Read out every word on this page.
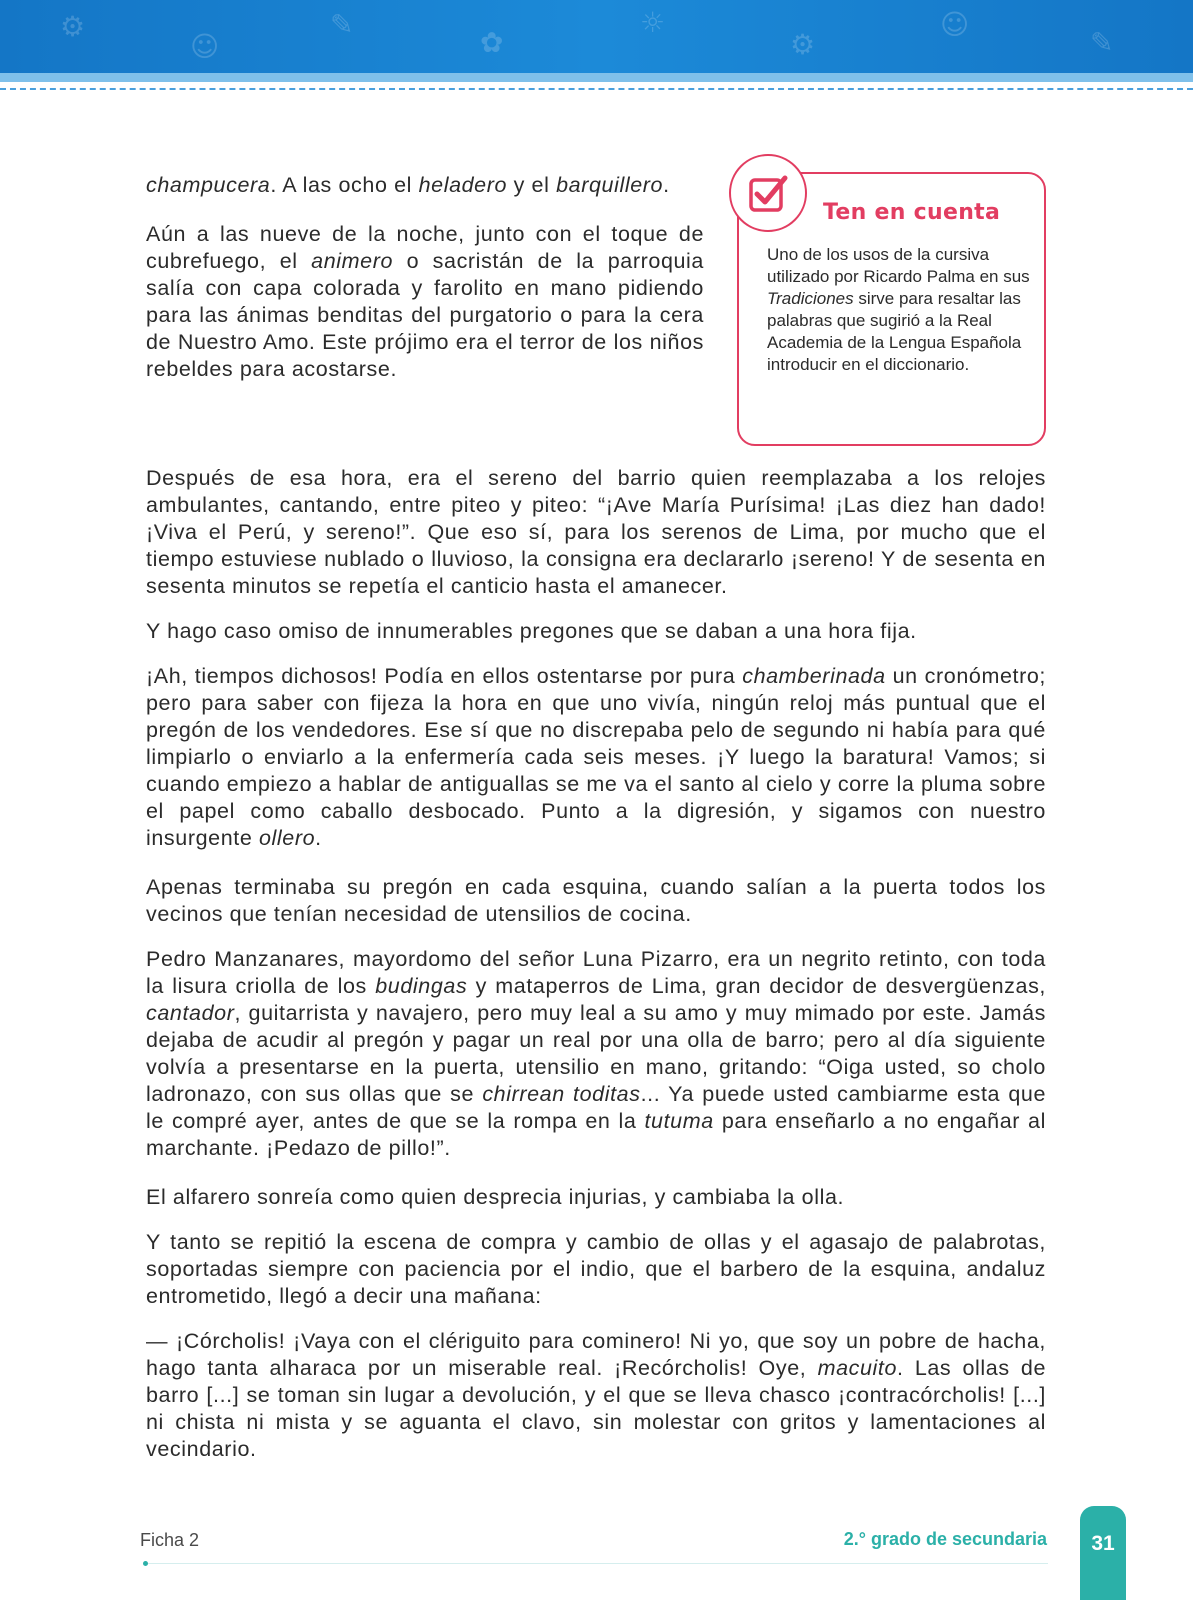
⚙
☺
✎
✿
☼
⚙
☺
✎

champucera. A las ocho el heladero y el barquillero.

Aún a las nueve de la noche, junto con el toque de cubrefuego, el animero o sacristán de la parroquia salía con capa colorada y farolito en mano pidiendo para las ánimas benditas del purgatorio o para la cera de Nuestro Amo. Este prójimo era el terror de los niños rebeldes para acostarse.

Ten en cuenta
Uno de los usos de la cursiva utilizado por Ricardo Palma en sus Tradiciones sirve para resaltar las palabras que sugirió a la Real Academia de la Lengua Española introducir en el diccionario.

Después de esa hora, era el sereno del barrio quien reemplazaba a los relojes ambulantes, cantando, entre piteo y piteo: “¡Ave María Purísima! ¡Las diez han dado! ¡Viva el Perú, y sereno!”. Que eso sí, para los serenos de Lima, por mucho que el tiempo estuviese nublado o lluvioso, la consigna era declararlo ¡sereno! Y de sesenta en sesenta minutos se repetía el canticio hasta el amanecer.

Y hago caso omiso de innumerables pregones que se daban a una hora fija.

¡Ah, tiempos dichosos! Podía en ellos ostentarse por pura chamberinada un cronómetro; pero para saber con fijeza la hora en que uno vivía, ningún reloj más puntual que el pregón de los vendedores. Ese sí que no discrepaba pelo de segundo ni había para qué limpiarlo o enviarlo a la enfermería cada seis meses. ¡Y luego la baratura! Vamos; si cuando empiezo a hablar de antiguallas se me va el santo al cielo y corre la pluma sobre el papel como caballo desbocado. Punto a la digresión, y sigamos con nuestro insurgente ollero.

Apenas terminaba su pregón en cada esquina, cuando salían a la puerta todos los vecinos que tenían necesidad de utensilios de cocina.

Pedro Manzanares, mayordomo del señor Luna Pizarro, era un negrito retinto, con toda la lisura criolla de los budingas y mataperros de Lima, gran decidor de desvergüenzas, cantador, guitarrista y navajero, pero muy leal a su amo y muy mimado por este. Jamás dejaba de acudir al pregón y pagar un real por una olla de barro; pero al día siguiente volvía a presentarse en la puerta, utensilio en mano, gritando: “Oiga usted, so cholo ladronazo, con sus ollas que se chirrean toditas... Ya puede usted cambiarme esta que le compré ayer, antes de que se la rompa en la tutuma para enseñarlo a no engañar al marchante. ¡Pedazo de pillo!”.

El alfarero sonreía como quien desprecia injurias, y cambiaba la olla.

Y tanto se repitió la escena de compra y cambio de ollas y el agasajo de palabrotas, soportadas siempre con paciencia por el indio, que el barbero de la esquina, andaluz entrometido, llegó a decir una mañana:

— ¡Córcholis! ¡Vaya con el clériguito para cominero! Ni yo, que soy un pobre de hacha, hago tanta alharaca por un miserable real. ¡Recórcholis! Oye, macuito. Las ollas de barro [...] se toman sin lugar a devolución, y el que se lleva chasco ¡contracórcholis! [...] ni chista ni mista y se aguanta el clavo, sin molestar con gritos y lamentaciones al vecindario.

Ficha 2	2.° grado de secundaria	31
